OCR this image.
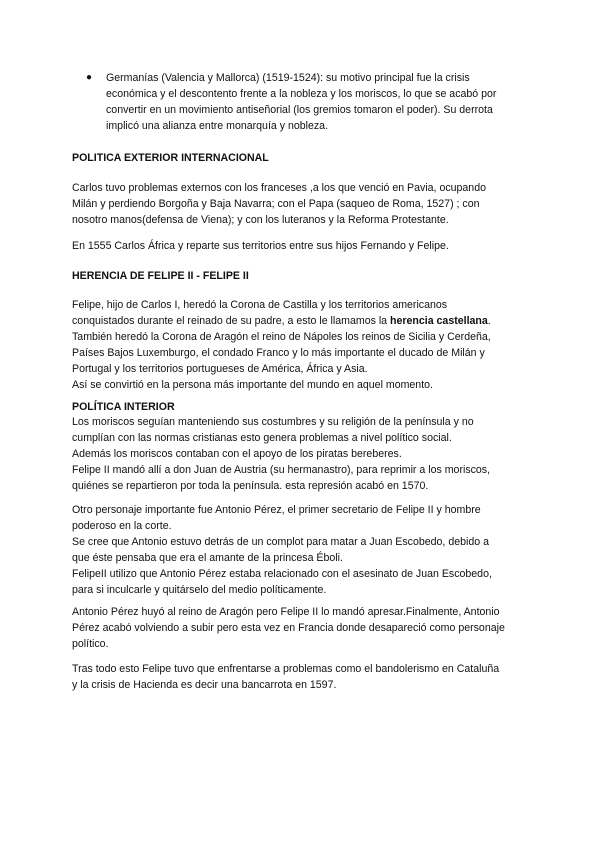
● Germanías (Valencia y Mallorca) (1519-1524): su motivo principal fue la crisis
económica y el descontento frente a la nobleza y los moriscos, lo que se acabó por
convertir en un movimiento antiseñorial (los gremios tomaron el poder). Su derrota
implicó una alianza entre monarquía y nobleza.
POLITICA EXTERIOR INTERNACIONAL

Carlos tuvo problemas externos con los franceses ,a los que venció en Pavia, ocupando
Milán y perdiendo Borgoña y Baja Navarra; con el Papa (saqueo de Roma, 1527) ; con
nosotro manos(defensa de Viena); y con los luteranos y la Reforma Protestante.

En 1555 Carlos África y reparte sus territorios entre sus hijos Fernando y Felipe.

HERENCIA DE FELIPE II - FELIPE II

Felipe, hijo de Carlos I, heredó la Corona de Castilla y los territorios americanos
conquistados durante el reinado de su padre, a esto le llamamos la herencia castellana.
También heredó la Corona de Aragón el reino de Nápoles los reinos de Sicilia y Cerdeña,
Países Bajos Luxemburgo, el condado Franco y lo más importante el ducado de Milán y
Portugal y los territorios portugueses de América, África y Asia.
Así se convirtió en la persona más importante del mundo en aquel momento.

POLÍTICA INTERIOR

Los moriscos seguían manteniendo sus costumbres y su religión de la península y no
cumplían con las normas cristianas esto genera problemas a nivel político social.
Además los moriscos contaban con el apoyo de los piratas bereberes.
Felipe II mandó allí a don Juan de Austria (su hermanastro), para reprimir a los moriscos,
quiénes se repartieron por toda la península. esta represión acabó en 1570.

Otro personaje importante fue Antonio Pérez, el primer secretario de Felipe II y hombre
poderoso en la corte.
Se cree que Antonio estuvo detrás de un complot para matar a Juan Escobedo, debido a
que éste pensaba que era el amante de la princesa Éboli.
FelipeII utilizo que Antonio Pérez estaba relacionado con el asesinato de Juan Escobedo,
para si inculcarle y quitárselo del medio políticamente.

Antonio Pérez huyó al reino de Aragón pero Felipe II lo mandó apresar.Finalmente, Antonio
Pérez acabó volviendo a subir pero esta vez en Francia donde desapareció como personaje
político.

Tras todo esto Felipe tuvo que enfrentarse a problemas como el bandolerismo en Cataluña
y la crisis de Hacienda es decir una bancarrota en 1597.
